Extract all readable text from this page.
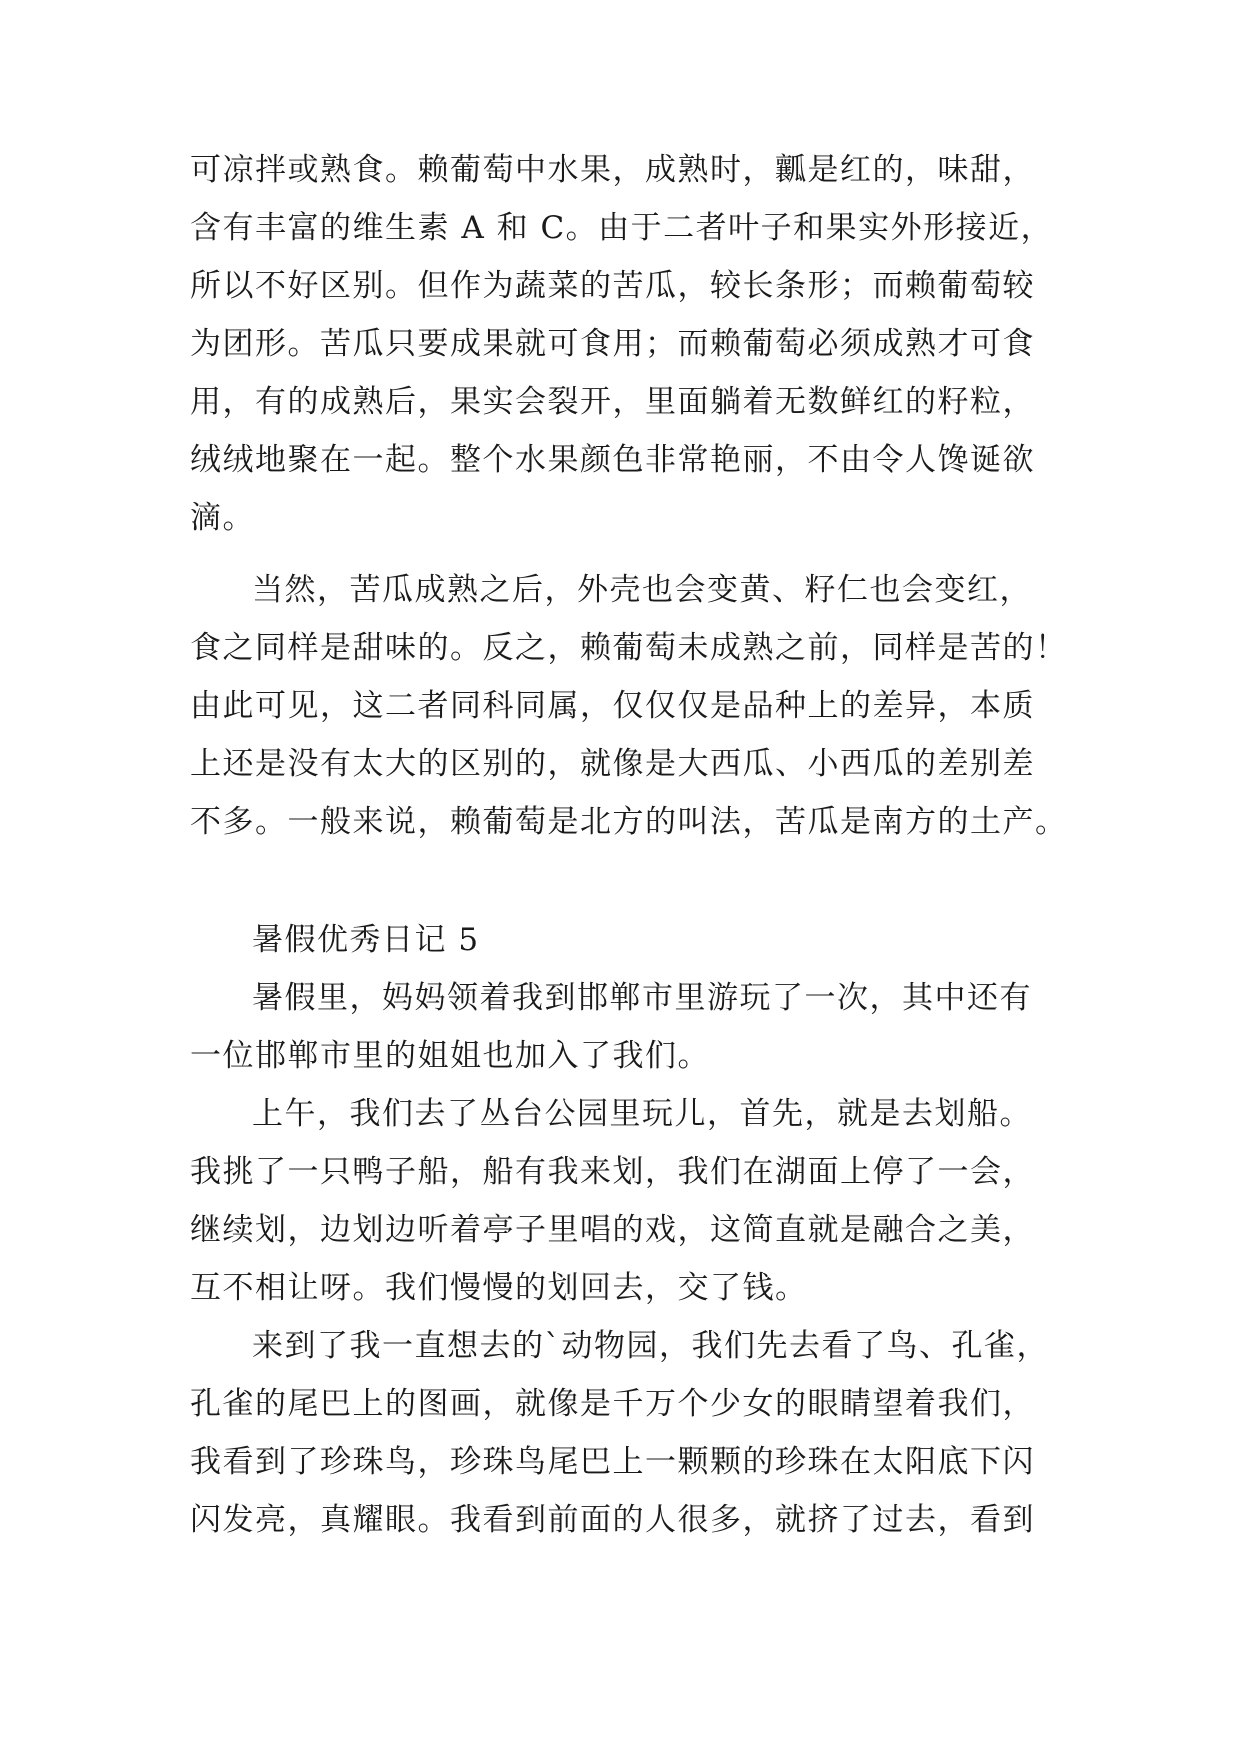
可凉拌或熟食。赖葡萄中水果，成熟时，瓤是红的，味甜，
含有丰富的维生素 A 和 C。由于二者叶子和果实外形接近，
所以不好区别。但作为蔬菜的苦瓜，较长条形；而赖葡萄较
为团形。苦瓜只要成果就可食用；而赖葡萄必须成熟才可食
用，有的成熟后，果实会裂开，里面躺着无数鲜红的籽粒，
绒绒地聚在一起。整个水果颜色非常艳丽，不由令人馋诞欲
滴。
当然，苦瓜成熟之后，外壳也会变黄、籽仁也会变红，
食之同样是甜味的。反之，赖葡萄未成熟之前，同样是苦的！
由此可见，这二者同科同属，仅仅仅是品种上的差异，本质
上还是没有太大的区别的，就像是大西瓜、小西瓜的差别差
不多。一般来说，赖葡萄是北方的叫法，苦瓜是南方的土产。
暑假优秀日记 5
暑假里，妈妈领着我到邯郸市里游玩了一次，其中还有
一位邯郸市里的姐姐也加入了我们。
上午，我们去了丛台公园里玩儿，首先，就是去划船。
我挑了一只鸭子船，船有我来划，我们在湖面上停了一会，
继续划，边划边听着亭子里唱的戏，这简直就是融合之美，
互不相让呀。我们慢慢的划回去，交了钱。
来到了我一直想去的`动物园，我们先去看了鸟、孔雀，
孔雀的尾巴上的图画，就像是千万个少女的眼睛望着我们，
我看到了珍珠鸟，珍珠鸟尾巴上一颗颗的珍珠在太阳底下闪
闪发亮，真耀眼。我看到前面的人很多，就挤了过去，看到
